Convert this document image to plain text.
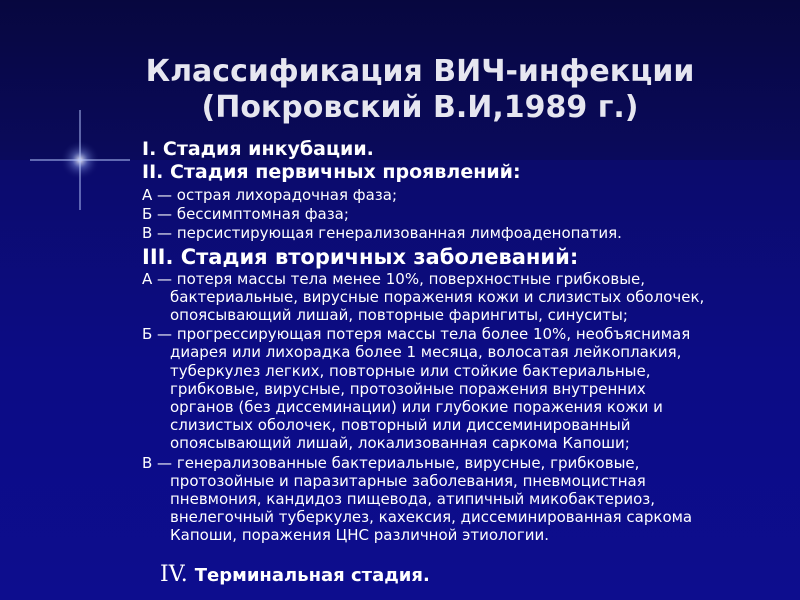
Классификация ВИЧ-инфекции
(Покровский В.И,1989 г.)

I. Стадия инкубации.

II. Стадия первичных проявлений:

А — острая лихорадочная фаза;

Б — бессимптомная фаза;

В — персистирующая генерализованная лимфоаденопатия.

III. Стадия вторичных заболеваний:

А — потеря массы тела менее 10%, поверхностные грибковые, бактериальные, вирусные поражения кожи и слизистых оболочек, опоясывающий лишай, повторные фарингиты, синуситы;

Б — прогрессирующая потеря массы тела более 10%, необъяснимая диарея или лихорадка более 1 месяца, волосатая лейкоплакия, туберкулез легких, повторные или стойкие бактериальные, грибковые, вирусные, протозойные поражения внутренних органов (без диссеминации) или глубокие поражения кожи и слизистых оболочек, повторный или диссеминированный опоясывающий лишай, локализованная саркома Капоши;

В — генерализованные бактериальные, вирусные, грибковые, протозойные и паразитарные заболевания, пневмоцистная пневмония, кандидоз пищевода, атипичный микобактериоз, внелегочный туберкулез, кахексия, диссеминированная саркома Капоши, поражения ЦНС различной этиологии.

IV. Терминальная стадия.
